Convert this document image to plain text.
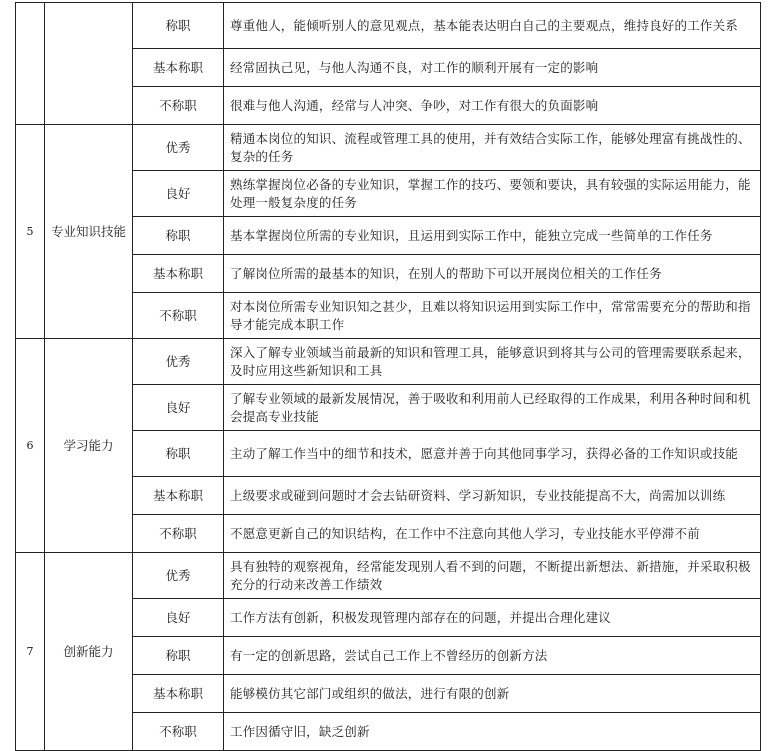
		称职	尊重他人，能倾听别人的意见观点，基本能表达明白自己的主要观点，维持良好的工作关系
		基本称职	经常固执己见，与他人沟通不良，对工作的顺利开展有一定的影响
		不称职	很难与他人沟通，经常与人冲突、争吵，对工作有很大的负面影响
5	专业知识技能	优秀	精通本岗位的知识、流程或管理工具的使用，并有效结合实际工作，能够处理富有挑战性的、复杂的任务
		良好	熟练掌握岗位必备的专业知识，掌握工作的技巧、要领和要诀，具有较强的实际运用能力，能处理一般复杂度的任务
		称职	基本掌握岗位所需的专业知识，且运用到实际工作中，能独立完成一些简单的工作任务
		基本称职	了解岗位所需的最基本的知识，在别人的帮助下可以开展岗位相关的工作任务
		不称职	对本岗位所需专业知识知之甚少，且难以将知识运用到实际工作中，常常需要充分的帮助和指导才能完成本职工作
6	学习能力	优秀	深入了解专业领域当前最新的知识和管理工具，能够意识到将其与公司的管理需要联系起来，及时应用这些新知识和工具
		良好	了解专业领域的最新发展情况，善于吸收和利用前人已经取得的工作成果，利用各种时间和机会提高专业技能
		称职	主动了解工作当中的细节和技术，愿意并善于向其他同事学习，获得必备的工作知识或技能
		基本称职	上级要求或碰到问题时才会去钻研资料、学习新知识，专业技能提高不大，尚需加以训练
		不称职	不愿意更新自己的知识结构，在工作中不注意向其他人学习，专业技能水平停滞不前
7	创新能力	优秀	具有独特的观察视角，经常能发现别人看不到的问题，不断提出新想法、新措施，并采取积极充分的行动来改善工作绩效
		良好	工作方法有创新，积极发现管理内部存在的问题，并提出合理化建议
		称职	有一定的创新思路，尝试自己工作上不曾经历的创新方法
		基本称职	能够模仿其它部门或组织的做法，进行有限的创新
		不称职	工作因循守旧，缺乏创新
